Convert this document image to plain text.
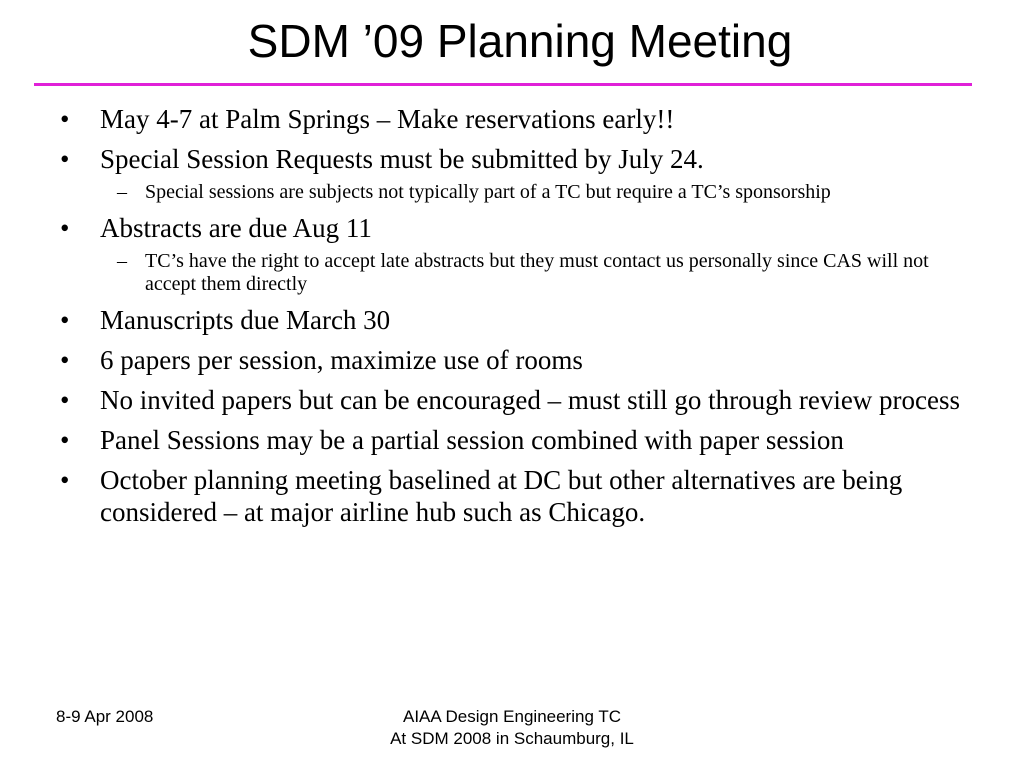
SDM ’09 Planning Meeting
•	May 4-7 at Palm Springs – Make reservations early!!
•	Special Session Requests must be submitted by July 24.
– Special sessions are subjects not typically part of a TC but require a TC’s sponsorship
•	Abstracts are due Aug 11
– TC’s have the right to accept late abstracts but they must contact us personally since CAS will not accept them directly
•	Manuscripts due March 30
•	6 papers per session, maximize use of rooms
•	No invited papers but can be encouraged – must still go through review process
•	Panel Sessions may be a partial session combined with paper session
•	October planning meeting baselined at DC but other alternatives are being considered – at major airline hub such as Chicago.
8-9 Apr 2008	AIAA Design Engineering TC
At SDM 2008 in Schaumburg, IL
